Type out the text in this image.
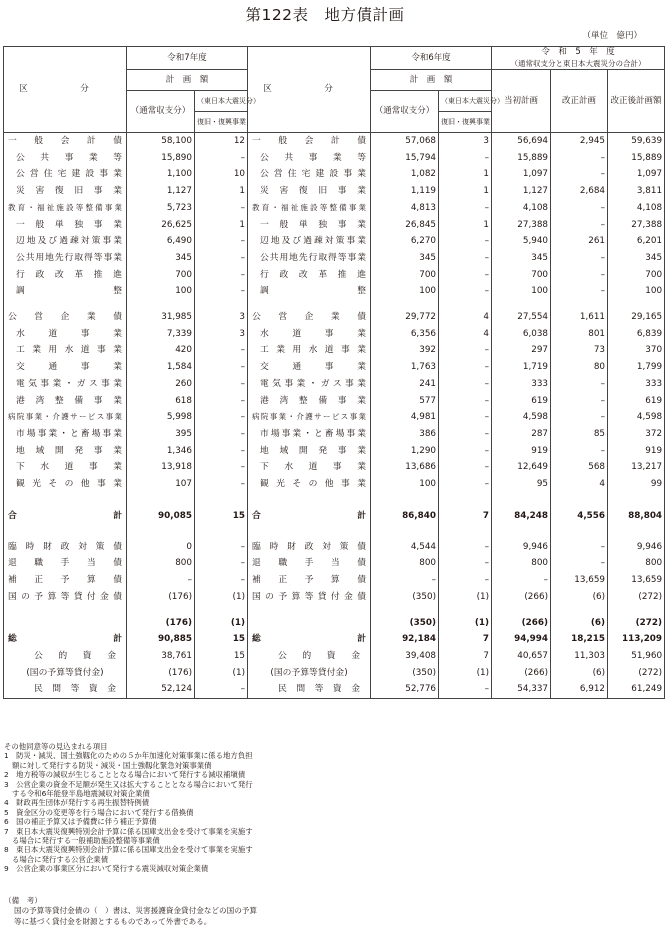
第122表　地方債計画
（単位　億円）
区　分	令和7年度		区　分	令和6年度		令　和　5　年　度
（通常収支分と東日本大震災分の合計）		

	計　画　額			計　画　額		当初計画	改正計画	改正後計画額
	（通常収支分）	（東日本大震災分）		（通常収支分）	（東日本大震災分）			
		復旧・復興事業			復旧・復興事業			
一般会計債	58,100	12	一般会計債	57,068	3	56,694	2,945	59,639
公共事業等	15,890	–	公共事業等	15,794	–	15,889	–	15,889
公営住宅建設事業	1,100	10	公営住宅建設事業	1,082	1	1,097	–	1,097
災害復旧事業	1,127	1	災害復旧事業	1,119	1	1,127	2,684	3,811
教育・福祉施設等整備事業	5,723	–	教育・福祉施設等整備事業	4,813	–	4,108	–	4,108
一般単独事業	26,625	1	一般単独事業	26,845	1	27,388	–	27,388
辺地及び過疎対策事業	6,490	–	辺地及び過疎対策事業	6,270	–	5,940	261	6,201
公共用地先行取得等事業	345	–	公共用地先行取得等事業	345	–	345	–	345
行政改革推進	700	–	行政改革推進	700	–	700	–	700
調整	100	–	調整	100	–	100	–	100

公営企業債	31,985	3	公営企業債	29,772	4	27,554	1,611	29,165
水道事業	7,339	3	水道事業	6,356	4	6,038	801	6,839
工業用水道事業	420	–	工業用水道事業	392	–	297	73	370
交通事業	1,584	–	交通事業	1,763	–	1,719	80	1,799
電気事業・ガス事業	260	–	電気事業・ガス事業	241	–	333	–	333
港湾整備事業	618	–	港湾整備事業	577	–	619	–	619
病院事業・介護サービス事業	5,998	–	病院事業・介護サービス事業	4,981	–	4,598	–	4,598
市場事業・と畜場事業	395	–	市場事業・と畜場事業	386	–	287	85	372
地域開発事業	1,346	–	地域開発事業	1,290	–	919	–	919
下水道事業	13,918	–	下水道事業	13,686	–	12,649	568	13,217
観光その他事業	107	–	観光その他事業	100	–	95	4	99

合　　　　　計	90,085	15	合　　　　　計	86,840	7	84,248	4,556	88,804

臨時財政対策債	0	–	臨時財政対策債	4,544	–	9,946	–	9,946
退職手当債	800	–	退職手当債	800	–	800	–	800
補正予算債	–	–	補正予算債	–	–	–	13,659	13,659
国の予算等貸付金債	(176)	(1)	国の予算等貸付金債	(350)	(1)	(266)	(6)	(272)

	(176)	(1)		(350)	(1)	(266)	(6)	(272)
総　　　　　計	90,885	15	総　　　　　計	92,184	7	94,994	18,215	113,209
公的資金	38,761	15	公的資金	39,408	7	40,657	11,303	51,960
(国の予算等貸付金)	(176)	(1)	(国の予算等貸付金)	(350)	(1)	(266)	(6)	(272)
民間等資金	52,124	–	民間等資金	52,776	–	54,337	6,912	61,249
その他同意等の見込まれる項目
1　防災・減災、国土強靱化のための５か年加速化対策事業に係る地方負担額に対して発行する防災・減災・国土強靱化緊急対策事業債
2　地方税等の減収が生じることとなる場合において発行する減収補塡債
3　公営企業の資金不足額が発生又は拡大することとなる場合において発行する令和6年能登半島地震減収対策企業債
4　財政再生団体が発行する再生振替特例債
5　資金区分の変更等を行う場合において発行する借換債
6　国の補正予算又は予備費に伴う補正予算債
7　東日本大震災復興特別会計予算に係る国庫支出金を受けて事業を実施する場合に発行する一般補助施設整備等事業債
8　東日本大震災復興特別会計予算に係る国庫支出金を受けて事業を実施する場合に発行する公営企業債
9　公営企業の事業区分において発行する震災減収対策企業債
（備　考）
国の予算等貸付金債の（　）書は、災害援護資金貸付金などの国の予算等に基づく貸付金を財源とするものであって外書である。
